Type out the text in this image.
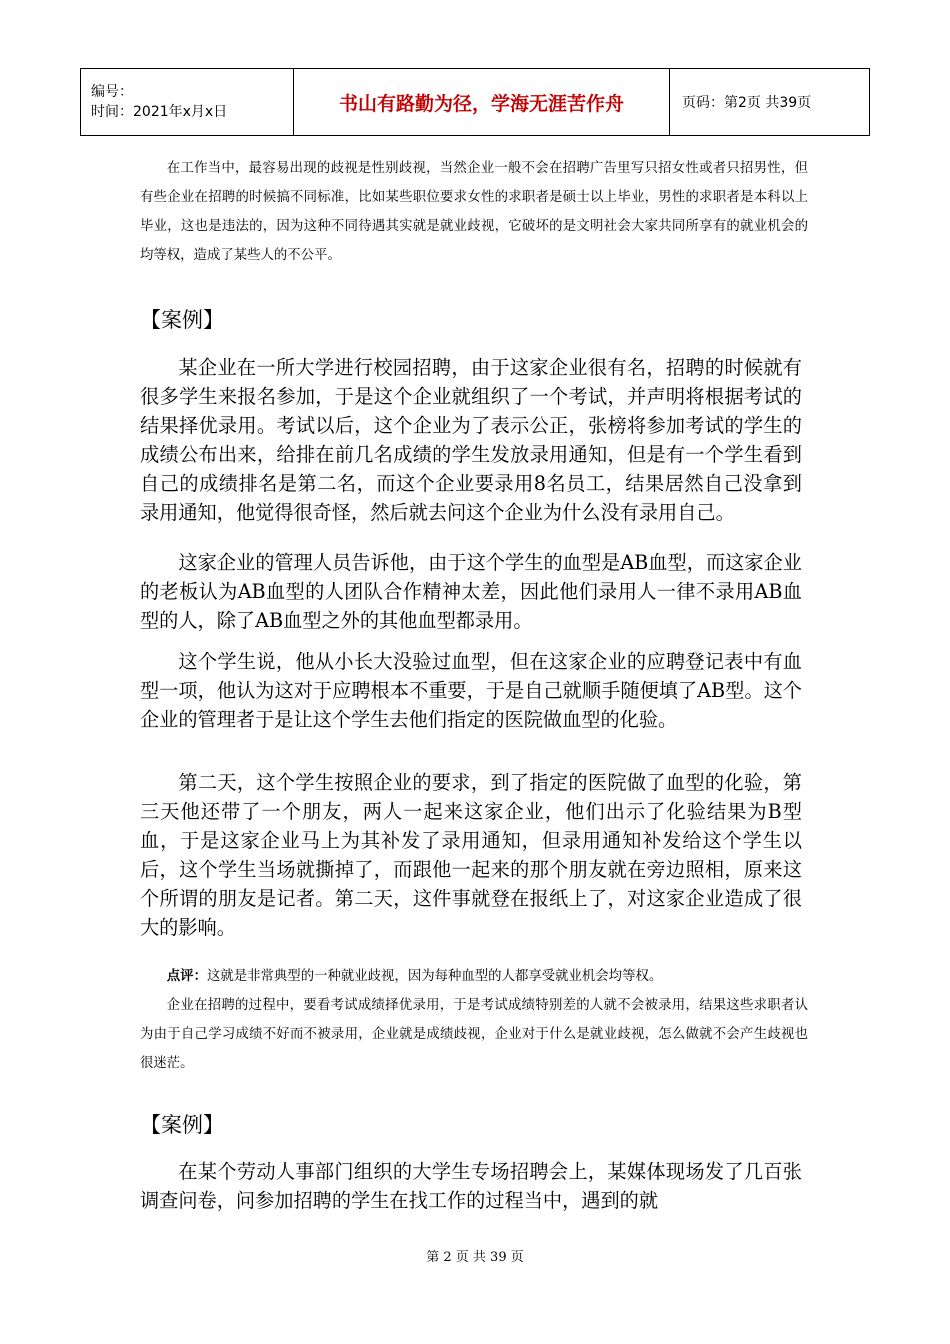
编号：
时间：2021年x月x日	书山有路勤为径，学海无涯苦作舟	页码：第2页 共39页

在工作当中，最容易出现的歧视是性别歧视，当然企业一般不会在招聘广告里写只招女性或者只招男性，但有些企业在招聘的时候搞不同标准，比如某些职位要求女性的求职者是硕士以上毕业，男性的求职者是本科以上毕业，这也是违法的，因为这种不同待遇其实就是就业歧视，它破坏的是文明社会大家共同所享有的就业机会的均等权，造成了某些人的不公平。

【案例】

某企业在一所大学进行校园招聘，由于这家企业很有名，招聘的时候就有很多学生来报名参加，于是这个企业就组织了一个考试，并声明将根据考试的结果择优录用。考试以后，这个企业为了表示公正，张榜将参加考试的学生的成绩公布出来，给排在前几名成绩的学生发放录用通知，但是有一个学生看到自己的成绩排名是第二名，而这个企业要录用8名员工，结果居然自己没拿到录用通知，他觉得很奇怪，然后就去问这个企业为什么没有录用自己。

这家企业的管理人员告诉他，由于这个学生的血型是AB血型，而这家企业的老板认为AB血型的人团队合作精神太差，因此他们录用人一律不录用AB血型的人，除了AB血型之外的其他血型都录用。

这个学生说，他从小长大没验过血型，但在这家企业的应聘登记表中有血型一项，他认为这对于应聘根本不重要，于是自己就顺手随便填了AB型。这个企业的管理者于是让这个学生去他们指定的医院做血型的化验。

第二天，这个学生按照企业的要求，到了指定的医院做了血型的化验，第三天他还带了一个朋友，两人一起来这家企业，他们出示了化验结果为B型血，于是这家企业马上为其补发了录用通知，但录用通知补发给这个学生以后，这个学生当场就撕掉了，而跟他一起来的那个朋友就在旁边照相，原来这个所谓的朋友是记者。第二天，这件事就登在报纸上了，对这家企业造成了很大的影响。

点评：这就是非常典型的一种就业歧视，因为每种血型的人都享受就业机会均等权。

企业在招聘的过程中，要看考试成绩择优录用，于是考试成绩特别差的人就不会被录用，结果这些求职者认为由于自己学习成绩不好而不被录用，企业就是成绩歧视，企业对于什么是就业歧视，怎么做就不会产生歧视也很迷茫。

【案例】

在某个劳动人事部门组织的大学生专场招聘会上，某媒体现场发了几百张调查问卷，问参加招聘的学生在找工作的过程当中，遇到的就

第 2 页 共 39 页
